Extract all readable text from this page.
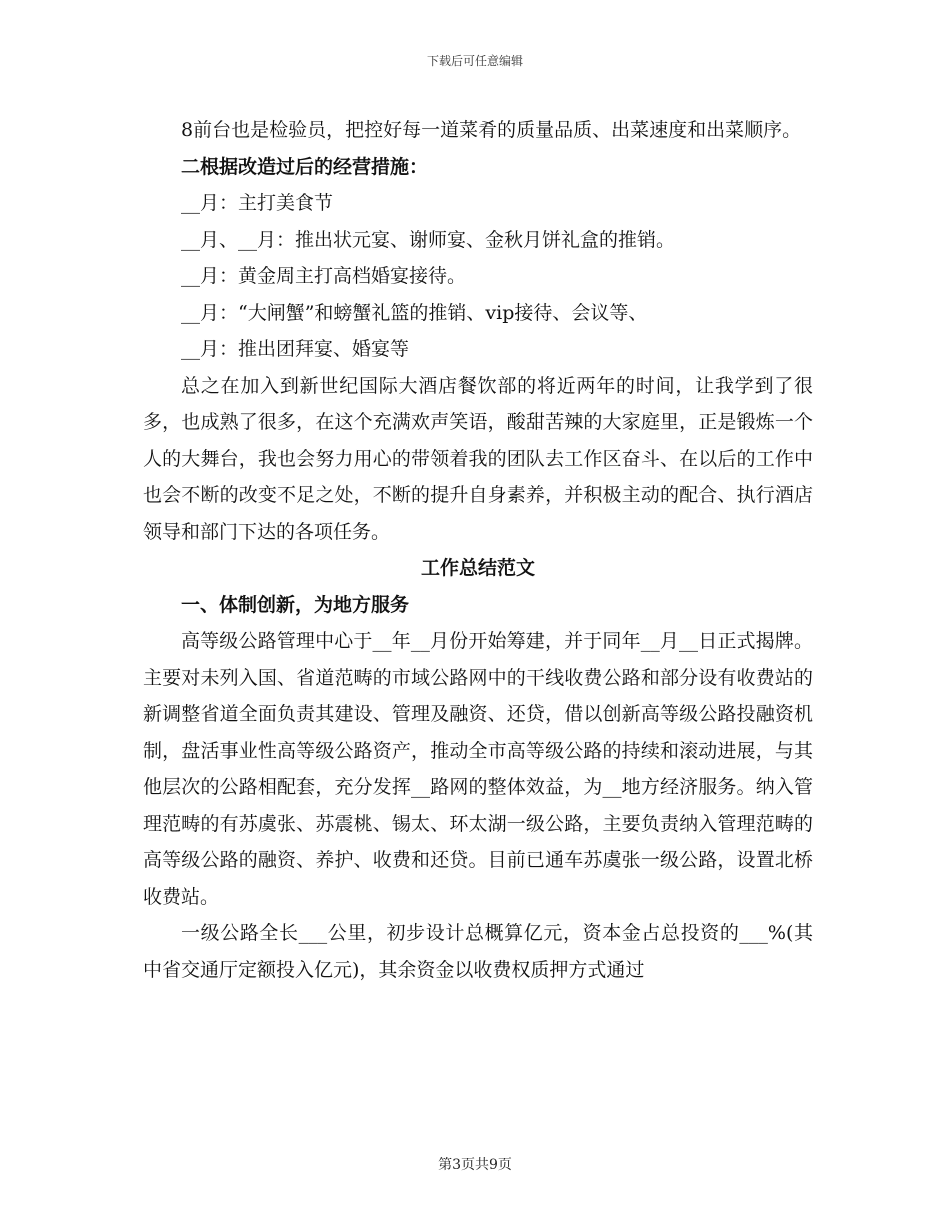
下载后可任意编辑

8前台也是检验员，把控好每一道菜肴的质量品质、出菜速度和出菜顺序。

二根据改造过后的经营措施：

__月：主打美食节

__月、__月：推出状元宴、谢师宴、金秋月饼礼盒的推销。

__月：黄金周主打高档婚宴接待。

__月：“大闸蟹”和螃蟹礼篮的推销、vip接待、会议等、

__月：推出团拜宴、婚宴等

总之在加入到新世纪国际大酒店餐饮部的将近两年的时间，让我学到了很多，也成熟了很多，在这个充满欢声笑语，酸甜苦辣的大家庭里，正是锻炼一个人的大舞台，我也会努力用心的带领着我的团队去工作区奋斗、在以后的工作中也会不断的改变不足之处，不断的提升自身素养，并积极主动的配合、执行酒店领导和部门下达的各项任务。

工作总结范文

一、体制创新，为地方服务

高等级公路管理中心于__年__月份开始筹建，并于同年__月__日正式揭牌。主要对未列入国、省道范畴的市域公路网中的干线收费公路和部分设有收费站的新调整省道全面负责其建设、管理及融资、还贷，借以创新高等级公路投融资机制，盘活事业性高等级公路资产，推动全市高等级公路的持续和滚动进展，与其他层次的公路相配套，充分发挥__路网的整体效益，为__地方经济服务。纳入管理范畴的有苏虞张、苏震桃、锡太、环太湖一级公路，主要负责纳入管理范畴的高等级公路的融资、养护、收费和还贷。目前已通车苏虞张一级公路，设置北桥收费站。

一级公路全长___公里，初步设计总概算亿元，资本金占总投资的___%(其中省交通厅定额投入亿元)，其余资金以收费权质押方式通过

第3页共9页
